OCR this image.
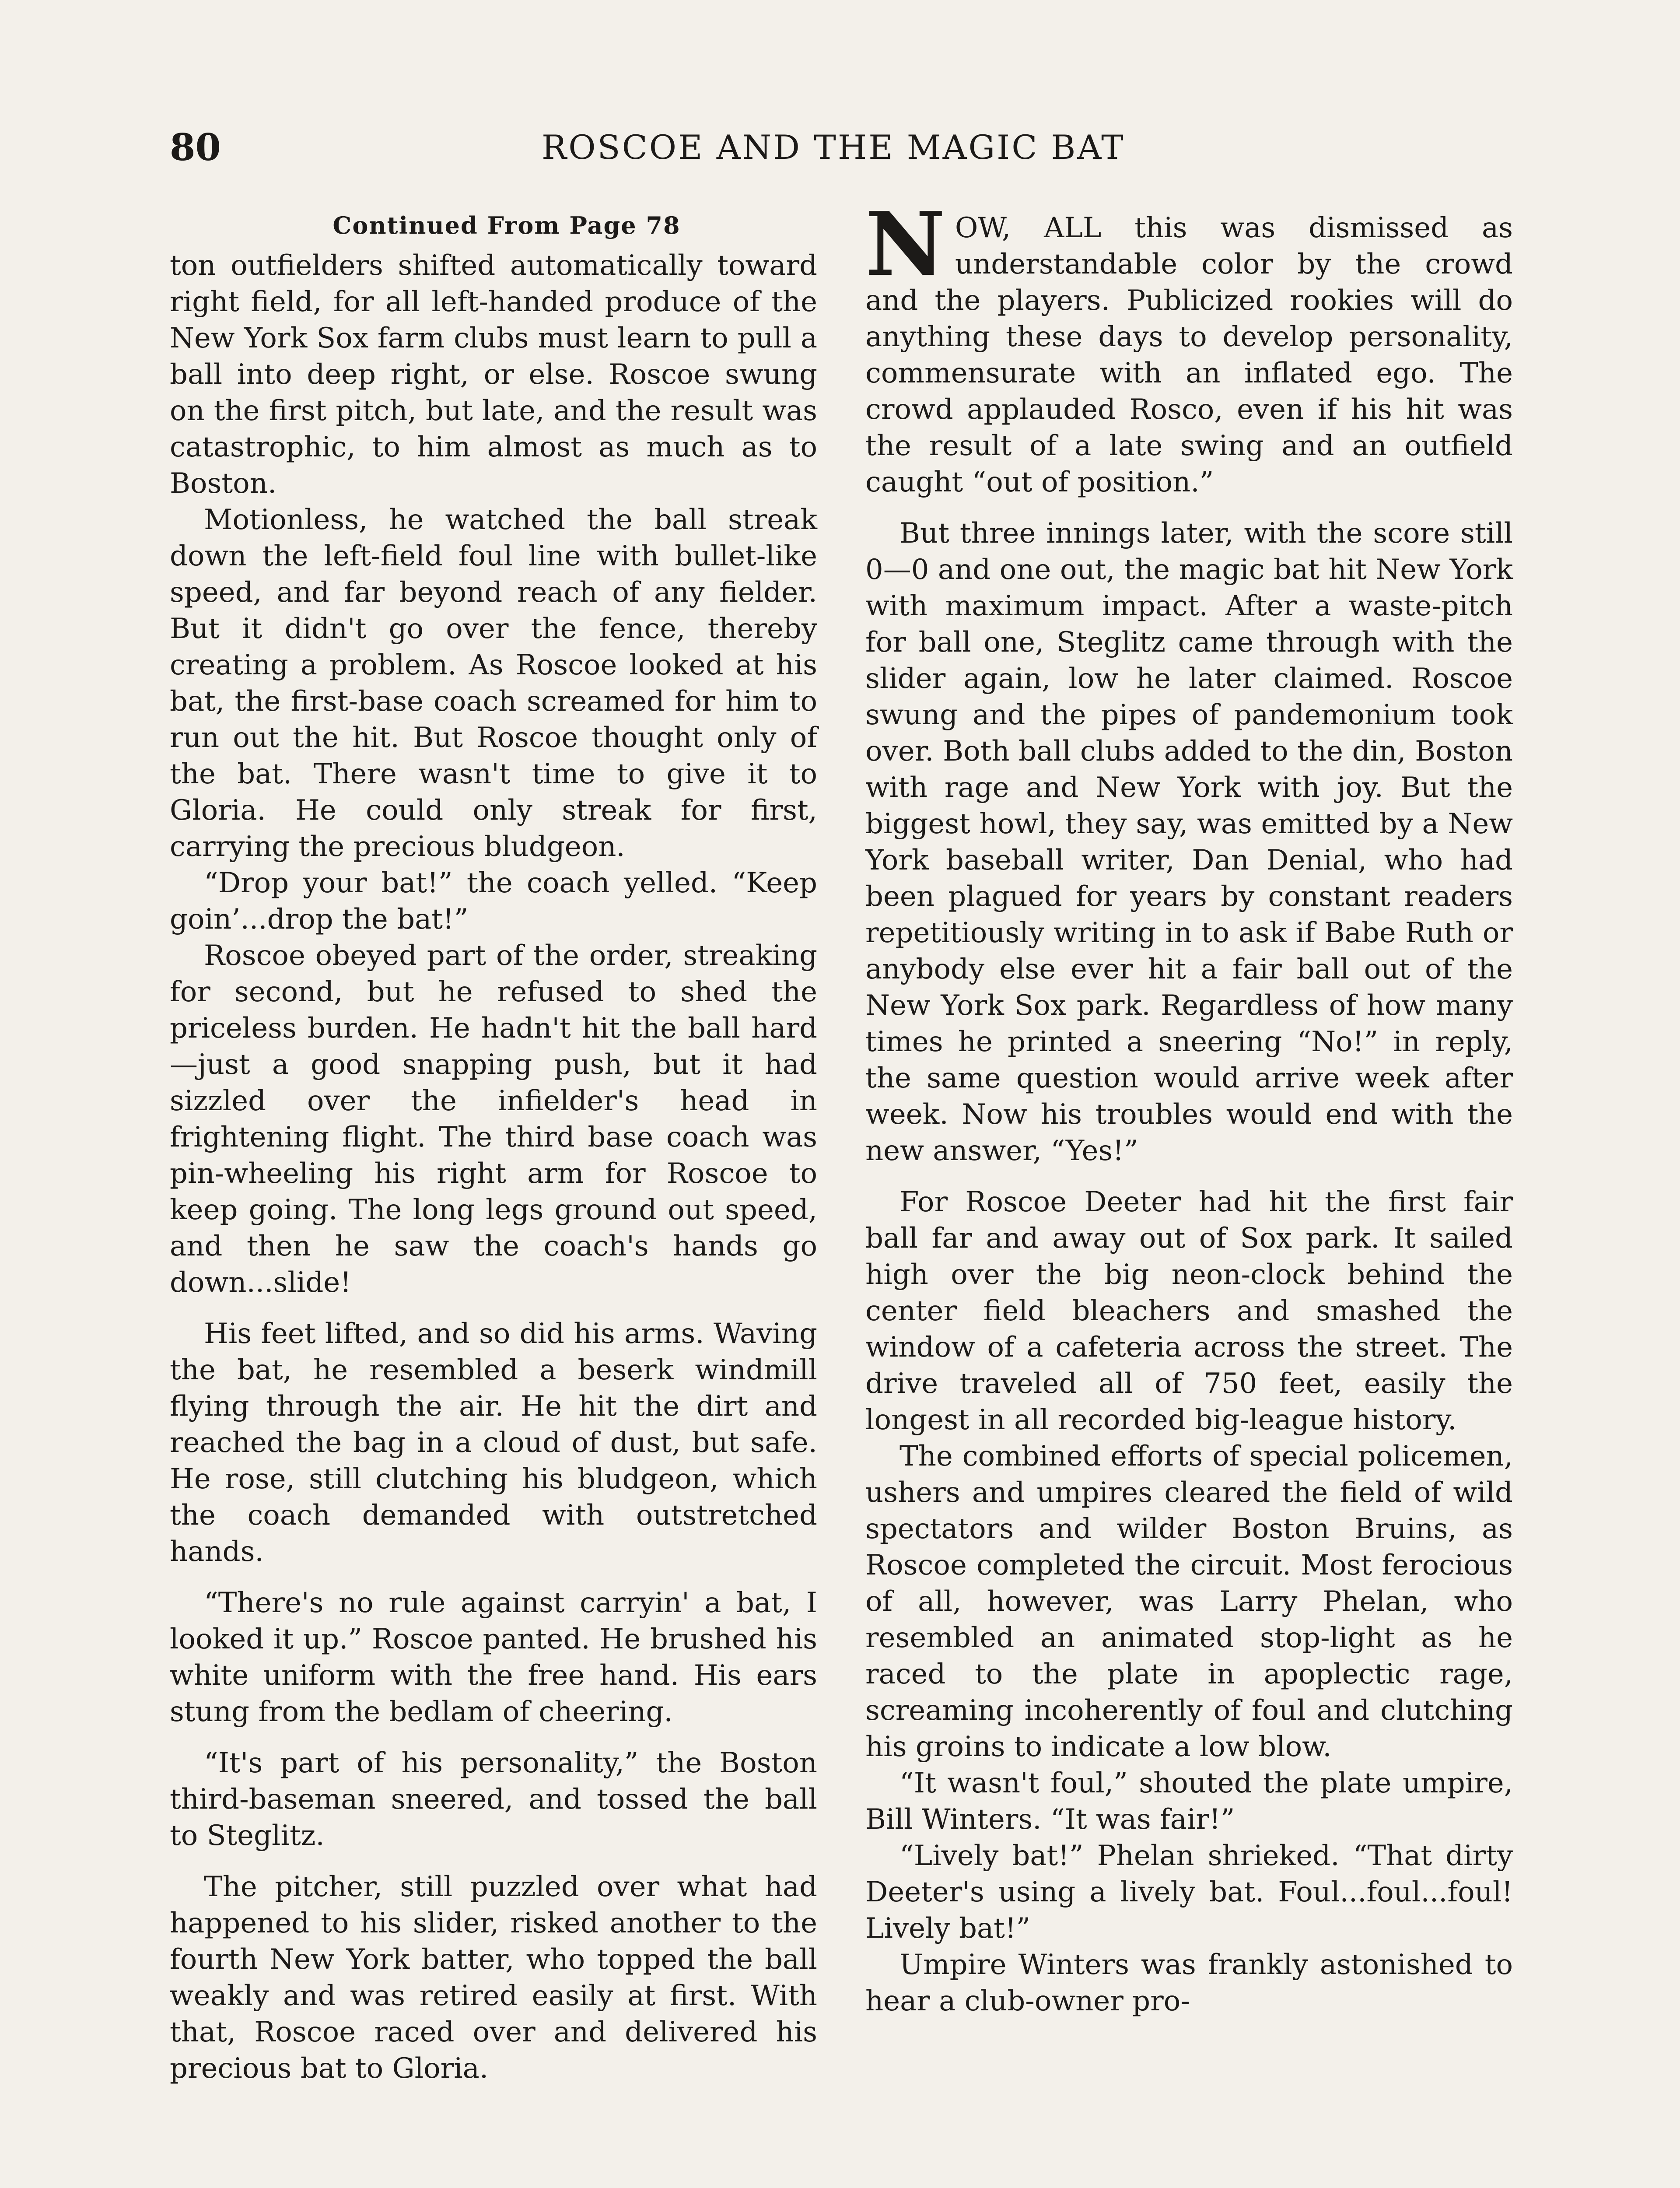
80	ROSCOE AND THE MAGIC BAT
Continued From Page 78

ton outfielders shifted automatically toward right field, for all left-handed produce of the New York Sox farm clubs must learn to pull a ball into deep right, or else. Roscoe swung on the first pitch, but late, and the result was catastrophic, to him almost as much as to Boston.

Motionless, he watched the ball streak down the left-field foul line with bullet-like speed, and far beyond reach of any fielder. But it didn't go over the fence, thereby creating a problem. As Roscoe looked at his bat, the first-base coach screamed for him to run out the hit. But Roscoe thought only of the bat. There wasn't time to give it to Gloria. He could only streak for first, carrying the precious bludgeon.

“Drop your bat!” the coach yelled. “Keep goin’...drop the bat!”

Roscoe obeyed part of the order, streaking for second, but he refused to shed the priceless burden. He hadn't hit the ball hard—just a good snapping push, but it had sizzled over the infielder's head in frightening flight. The third base coach was pin-wheeling his right arm for Roscoe to keep going. The long legs ground out speed, and then he saw the coach's hands go down...slide!

His feet lifted, and so did his arms. Waving the bat, he resembled a beserk windmill flying through the air. He hit the dirt and reached the bag in a cloud of dust, but safe. He rose, still clutching his bludgeon, which the coach demanded with outstretched hands.

“There's no rule against carryin' a bat, I looked it up.” Roscoe panted. He brushed his white uniform with the free hand. His ears stung from the bedlam of cheering.

“It's part of his personality,” the Boston third-baseman sneered, and tossed the ball to Steglitz.

The pitcher, still puzzled over what had happened to his slider, risked another to the fourth New York batter, who topped the ball weakly and was retired easily at first. With that, Roscoe raced over and delivered his precious bat to Gloria.

N OW, ALL this was dismissed as understandable color by the crowd and the players. Publicized rookies will do anything these days to develop personality, commensurate with an inflated ego. The crowd applauded Rosco, even if his hit was the result of a late swing and an outfield caught “out of position.”

But three innings later, with the score still 0—0 and one out, the magic bat hit New York with maximum impact. After a waste-pitch for ball one, Steglitz came through with the slider again, low he later claimed. Roscoe swung and the pipes of pandemonium took over. Both ball clubs added to the din, Boston with rage and New York with joy. But the biggest howl, they say, was emitted by a New York baseball writer, Dan Denial, who had been plagued for years by constant readers repetitiously writing in to ask if Babe Ruth or anybody else ever hit a fair ball out of the New York Sox park. Regardless of how many times he printed a sneering “No!” in reply, the same question would arrive week after week. Now his troubles would end with the new answer, “Yes!”

For Roscoe Deeter had hit the first fair ball far and away out of Sox park. It sailed high over the big neon-clock behind the center field bleachers and smashed the window of a cafeteria across the street. The drive traveled all of 750 feet, easily the longest in all recorded big-league history.

The combined efforts of special policemen, ushers and umpires cleared the field of wild spectators and wilder Boston Bruins, as Roscoe completed the circuit. Most ferocious of all, however, was Larry Phelan, who resembled an animated stop-light as he raced to the plate in apoplectic rage, screaming incoherently of foul and clutching his groins to indicate a low blow.

“It wasn't foul,” shouted the plate umpire, Bill Winters. “It was fair!”

“Lively bat!” Phelan shrieked. “That dirty Deeter's using a lively bat. Foul...foul...foul! Lively bat!”

Umpire Winters was frankly astonished to hear a club-owner pro-
